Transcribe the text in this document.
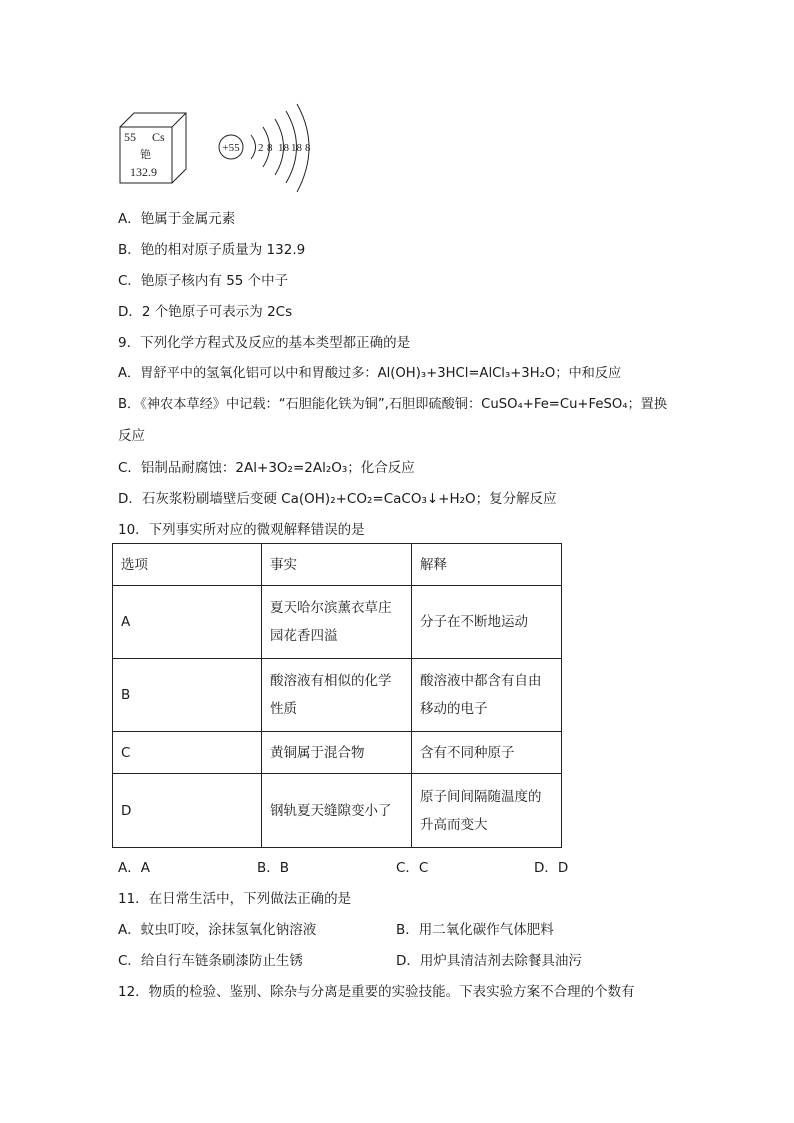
55 Cs
铯
132.9
+55 2 8 18 18 8
A．铯属于金属元素
B．铯的相对原子质量为 132.9
C．铯原子核内有 55 个中子
D．2 个铯原子可表示为 2Cs
9．下列化学方程式及反应的基本类型都正确的是
A．胃舒平中的氢氧化铝可以中和胃酸过多：Al(OH)₃+3HCl=AlCl₃+3H₂O；中和反应
B．《神农本草经》中记载：“石胆能化铁为铜”,石胆即硫酸铜：CuSO₄+Fe=Cu+FeSO₄；置换
反应
C．铝制品耐腐蚀：2Al+3O₂=2Al₂O₃；化合反应
D．石灰浆粉刷墙壁后变硬 Ca(OH)₂+CO₂=CaCO₃↓+H₂O；复分解反应
10．下列事实所对应的微观解释错误的是
选项	事实	解释
A	夏天哈尔滨薰衣草庄园花香四溢	分子在不断地运动
B	酸溶液有相似的化学性质	酸溶液中都含有自由移动的电子
C	黄铜属于混合物	含有不同种原子
D	钢轨夏天缝隙变小了	原子间间隔随温度的升高而变大
A．A	B．B	C．C	D．D
11．在日常生活中，下列做法正确的是
A．蚊虫叮咬，涂抹氢氧化钠溶液	B．用二氧化碳作气体肥料
C．给自行车链条刷漆防止生锈	D．用炉具清洁剂去除餐具油污
12．物质的检验、鉴别、除杂与分离是重要的实验技能。下表实验方案不合理的个数有
